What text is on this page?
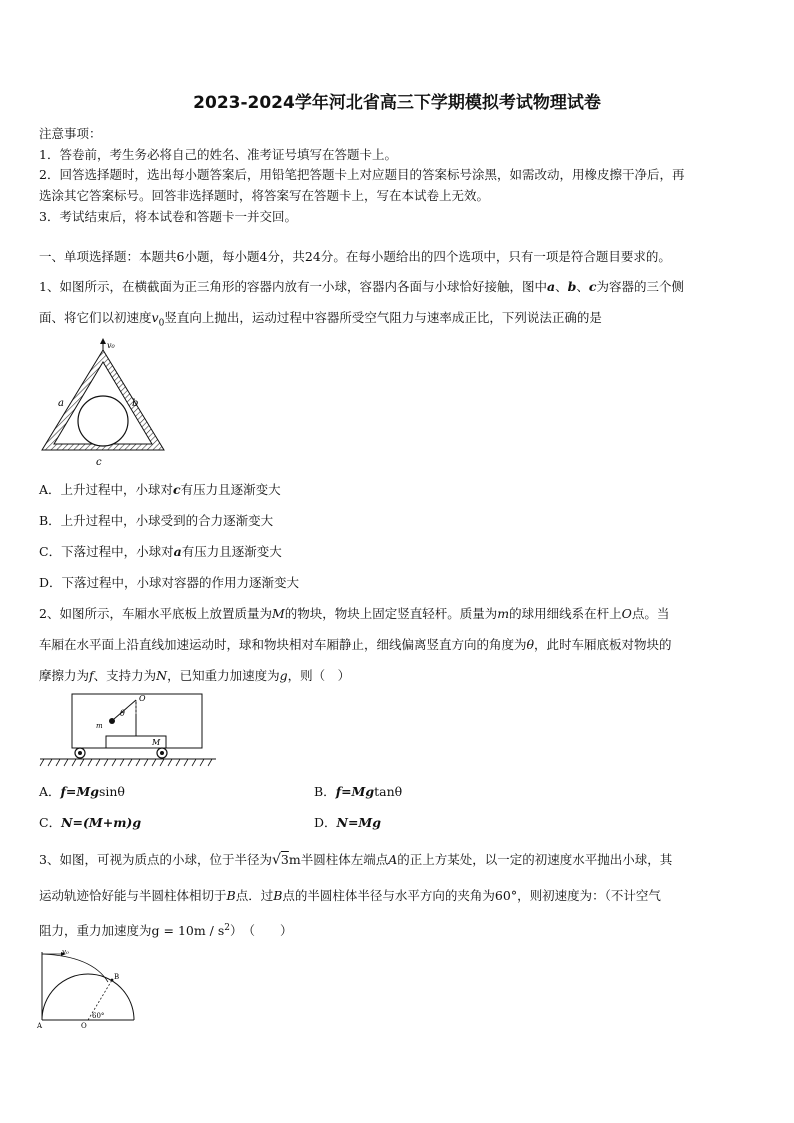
2023-2024学年河北省高三下学期模拟考试物理试卷
注意事项：
1．答卷前，考生务必将自己的姓名、准考证号填写在答题卡上。
2．回答选择题时，选出每小题答案后，用铅笔把答题卡上对应题目的答案标号涂黑，如需改动，用橡皮擦干净后，再
选涂其它答案标号。回答非选择题时，将答案写在答题卡上，写在本试卷上无效。
3．考试结束后，将本试卷和答题卡一并交回。
一、单项选择题：本题共6小题，每小题4分，共24分。在每小题给出的四个选项中，只有一项是符合题目要求的。
1、如图所示，在横截面为正三角形的容器内放有一小球，容器内各面与小球恰好接触，图中a、b、c为容器的三个侧
面、将它们以初速度$v_0$竖直向上抛出，运动过程中容器所受空气阻力与速率成正比，下列说法正确的是
v₀
a	b
c
A．上升过程中，小球对c有压力且逐渐变大
B．上升过程中，小球受到的合力逐渐变大
C．下落过程中，小球对a有压力且逐渐变大
D．下落过程中，小球对容器的作用力逐渐变大
2、如图所示，车厢水平底板上放置质量为M的物块，物块上固定竖直轻杆。质量为m的球用细线系在杆上O点。当
车厢在水平面上沿直线加速运动时，球和物块相对车厢静止，细线偏离竖直方向的角度为θ，此时车厢底板对物块的
摩擦力为f、支持力为N，已知重力加速度为g，则（　）
O
θ
m
M
A．f=Mgsinθ	B．f=Mgtanθ
C．N=(M+m)g	D．N=Mg
3、如图，可视为质点的小球，位于半径为√3m半圆柱体左端点A的正上方某处，以一定的初速度水平抛出小球，其
运动轨迹恰好能与半圆柱体相切于B点．过B点的半圆柱体半径与水平方向的夹角为60°，则初速度为：（不计空气
阻力，重力加速度为$g = 10m / s^2$）　（　　）
v₀
B
A	O
60°
